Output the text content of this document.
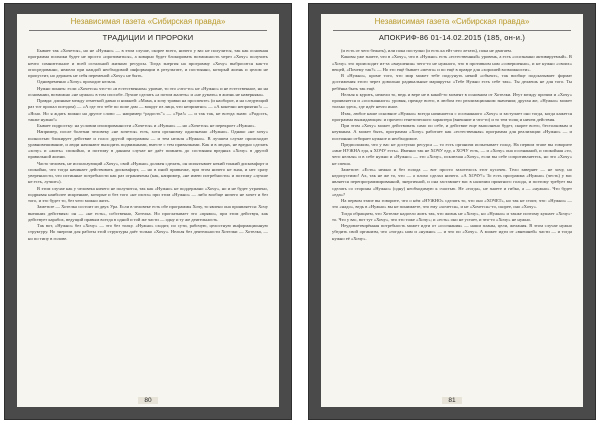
Независимая газета «Сибирская правда»
ТРАДИЦИИ И ПРОРОКИ

Бывает так «Хочется», но не «Нужно» — в этом случае, скорее всего, ничего у вас не получится, так как основная программа психики будет не просто «противиться», а коварно будет блокировать возможность через «Хочу» получить нечто сомнительное и всей остальной жизнью ресурсы. Тогда энергия на программу «Хочу» выбросится как-то опосредованно, нежели при каждой необходимой информации в результате, и постоянно, который жизнь и целом не пропустит, но держать не себя переменой «Хочу» не быть.

Одновременно «Хочу» проходит нельзя.

Нужно понять: если «Хочется» что-то «в естественном» уровне, то это «что-то» не «Нужно» и не естественное, но на основании, возможно «не нужно» в том способе. Лучше сделать «а потом жалеть» и «не думать» в жизнь не наверняка».

Правда: длинные между отметкой давно и нижней: «Мама, я хочу травки на проспекте» (и наоборот, и на следующий раз тот пропал поездом) — «А где это тебе по попе дам — вокруг из лица, что неприятно» — «А конечно неприятно!» — «Ясно. Но я ждать можно на другое слово — например “радость”» — «Ура!» — и так так, не всегда знаю: «Радость, также нужно!»

Бывает подростку: на условии изолированности «Хочется» и «Нужно» — но «Хочется» не перекроет «Нужно».

Например, после болезни человеку «не хочется» есть, хотя организму однозначно «Нужно». Однако «не хочу» полностью блокирует действие и голос другой программы — и тем нельзя «Нужно». В лучшем случае происходит уравновешивание, и люди начинают выходить подвижными, вместе с тем привычками. Как и в людях, не вредно сделать «хочу» и «жить» спокойно, и поэтому в данном случае не даёт помнить до состояния вредных «Хочу» в другой правильной жизни.

Часто человек, не использующий «Хочу», свой «Нужно» должен сделать, он испытывает некий тонкий дискомфорт и спокойно, что тогда начинает действовать дискомфорт, — но в иной привычке, при этом ничего не зная, и нет сразу уверенности, что истинные потребности как раз ограничены (как, например, «не имею потребности» и поэтому «лучше не есть, лучше»).

В этом случае как у человека ничего не получится, так как «Нужно» не поддержано «Хочу», но и не будет утрачено, подрывая наиболее искренние, которые и без того «не охота» при этом «Нужно» — либо вообще ничего не хочет и без того, и это будет то, без чего можно жить.

Заметьте — Хотелка состоит из двух Ура. Если в человеке есть обе программы Хочу, то явлено она проявляется: Хочу внешних действиях: он — «не есть», собственно, Хотелка. Но проглатывает это «прямо», при этом действуя, как действует карабох, ведущий правым всегда в одной и той же части — одну и ту же деятельность.

Так вот, «Нужно» без «Хочу» — это без толку. «Нужно» сходит, по сути, рабочую, целостную информационную структуру. Но энергии для работы этой структуры даёт только «Хочу». Нельзя без деятельности Хотелки — Хотелка, — но по типу в голове.

80
Независимая газета «Сибирская правда»
АПОКРИФ-86 01-14.02.2015 (185, он-и.)

(и есть от чего бежать), или пока поступно (и есть ка ейт чего летать), пока не двигаем.

Каковы уже знаете, что в «Хочу», что в «Нужно» есть «естественный» уровень, а есть «осознанно активируемый». В «Хочу» это происходит из-за «внушения» чего-то не нужного, что в противном нам «совершенно», и не нужно «своих» вещей, «Почему так?» — Но это ещё бывает «мечта» и по ещё в правде для «хорошей возможности».

В «Нужно», кроме того, что мир может тебе подсунуть некий «объект», так вообще подсказывает формат достижения этого через довольно радикальные маршруты: «Тебе Нужно есть себе так». Ты делаешь не для того. Ты ребёнка быть так ещё.

Нельзя к курить, нежели то, ведь и вере не в какой-то момент в основном от Хотелки. Итут между прочим и «Хочу» проявляется и «осознанного» уровня, прежде всего, в любом его реализационном значении; другая же, «Нужно» может только здесь, где идёт нечто иное.

Итак, любое наше основное «Нужно» всегда начинается с осознанного «Хочу» и заступает оно тогда, когда кажется программа выжидающих: и прочего генетического характера (внешние и что-то) и то тем толщ и ничем действия.

При этом «Хочу» может действовать само по себе, и действие еще выполнено будет, скорее всего, бестолковым и неумным. А может быть, программа «Хочу» работает как «естественная» программа для реализации «Нужно» — и постоянно отбирает нужное и необходимое.

Предположим, что у вас не доступно ресурса — то есть организм испытывает голод. На первом этапе вы говорите «мне НУЖНА еда, я ХОЧУ есть». Именно так не ХОЧУ еду, а ХОЧУ есть, — и «Хочу» она осознанной, и спокойная «то, чего нельзя» и в себе нужно и «Нужно» — это «Хочу», исключая «Хочу», если вы себе сопротивляетесь, но это «Хочу» не спеша.

Заметьте: «Есть» нежно и без голода — вот просто захотелось этот кусочек. Тело заверяет — не хочу, но недопустимо! Ах, так не же то, что — а плохо сделал ничего. «А ХОЧУ!» То есть программа «Нужно» (честь) у вас является перепрограммированной, энергичной, и она заставляет вас в наличии приятного голода, и поэтому требует вы сделать со стороны «Нужно» (одну) необходимую к счастью. Не «тогда», не знаете и гибко, а — «нужно». Что будет «еда»?

На первом этапе вы говорите, что о нём «НУЖНО» сделать то, что оно «ХОЧЕТ», но так не стоит, что: «Нужно» — это «надо», ведь в «Нужно» вы не понимаете, что ему «хочется», и не «Хочется»-то, скорее, оно «Хочу».

Тогда обращаем, что Хотелке надоело жить так, что жизнь не «Хочу», но «Нужно» и также поэтому кушает «Хочу»-то. Что у вас, вот тут «Хочу», что это тоже «Хочу»; и «есть» оно не устает, и что-то «Хочу» не нужно.

Неудовлетворённая потребность может идти от «осознания» — наши планы, цели, желания. В этом случае нужно убедить свой организм, что «тогда» нам и «нужно» — и что по «Хочу». А может идти от «внешней» части — и тогда нужно её «Хочу».

81
